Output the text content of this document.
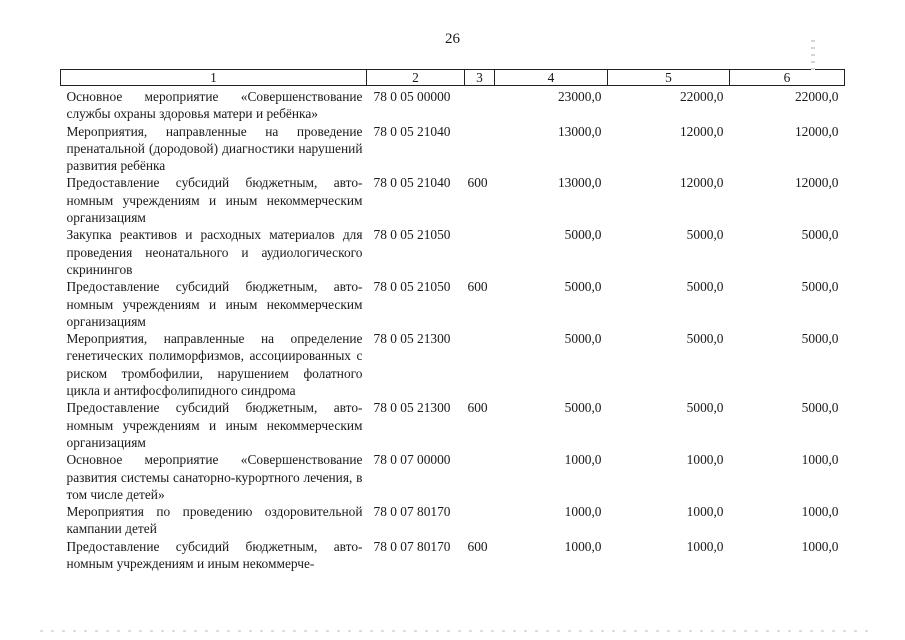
26
1	2	3	4	5	6
Основное мероприятие «Совершенствование службы охраны здоровья матери и ребёнка»	78 0 05 00000		23000,0	22000,0	22000,0
Мероприятия, направленные на проведение пренатальной (дородовой) диагностики нарушений развития ребёнка	78 0 05 21040		13000,0	12000,0	12000,0
Предоставление субсидий бюджетным, автономным учреждениям и иным некоммерческим организациям	78 0 05 21040	600	13000,0	12000,0	12000,0
Закупка реактивов и расходных материалов для проведения неонатального и аудиологического скринингов	78 0 05 21050		5000,0	5000,0	5000,0
Предоставление субсидий бюджетным, автономным учреждениям и иным некоммерческим организациям	78 0 05 21050	600	5000,0	5000,0	5000,0
Мероприятия, направленные на определение генетических полиморфизмов, ассоциированных с риском тромбофилии, нарушением фолатного цикла и антифосфолипидного синдрома	78 0 05 21300		5000,0	5000,0	5000,0
Предоставление субсидий бюджетным, автономным учреждениям и иным некоммерческим организациям	78 0 05 21300	600	5000,0	5000,0	5000,0
Основное мероприятие «Совершенствование развития системы санаторно-курортного лечения, в том числе детей»	78 0 07 00000		1000,0	1000,0	1000,0
Мероприятия по проведению оздоровительной кампании детей	78 0 07 80170		1000,0	1000,0	1000,0
Предоставление субсидий бюджетным, автономным учреждениям и иным некоммерче-	78 0 07 80170	600	1000,0	1000,0	1000,0
